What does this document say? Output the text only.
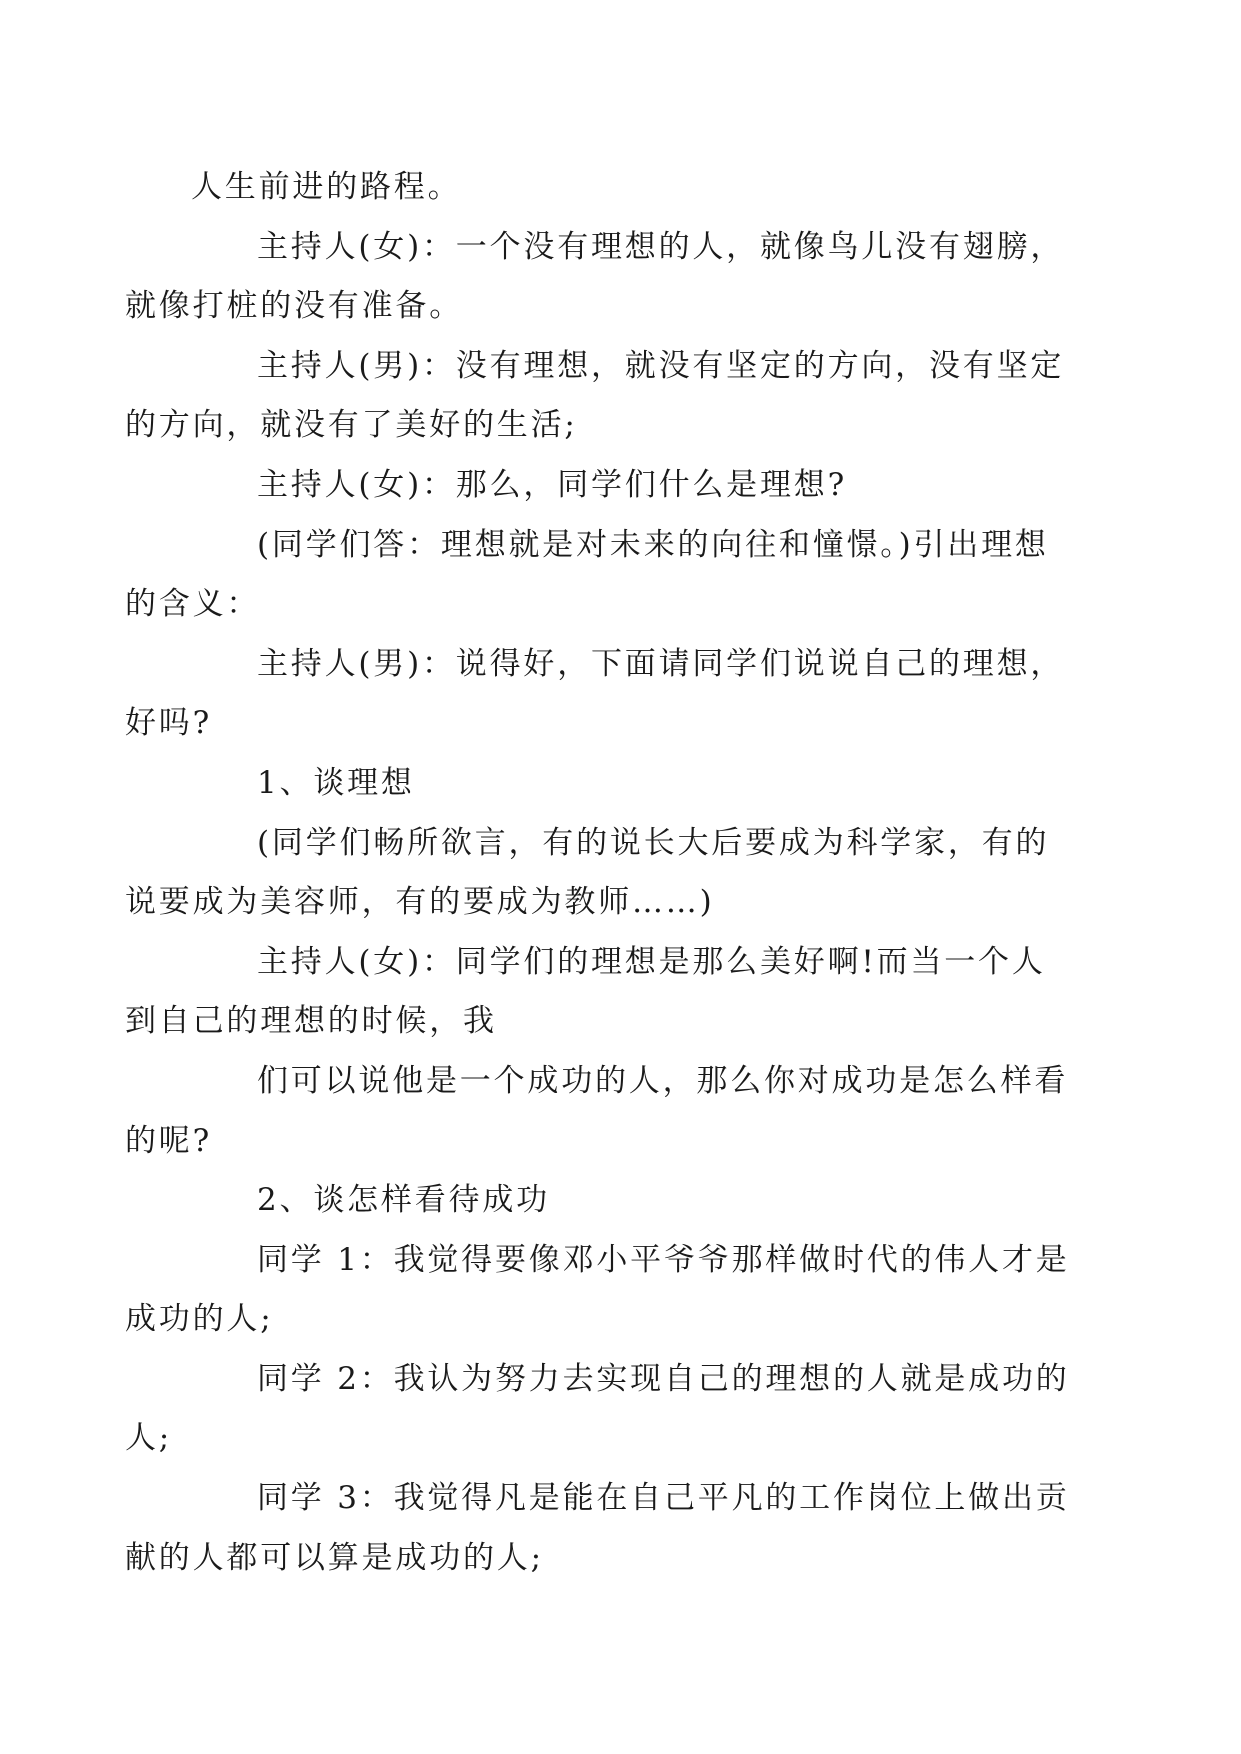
人生前进的路程。

主持人(女)：一个没有理想的人，就像鸟儿没有翅膀，
就像打桩的没有准备。

主持人(男)：没有理想，就没有坚定的方向，没有坚定
的方向，就没有了美好的生活;

主持人(女)：那么，同学们什么是理想?

(同学们答：理想就是对未来的向往和憧憬。)引出理想
的含义：

主持人(男)：说得好，下面请同学们说说自己的理想，
好吗?

1、谈理想

(同学们畅所欲言，有的说长大后要成为科学家，有的
说要成为美容师，有的要成为教师……)

主持人(女)：同学们的理想是那么美好啊!而当一个人
到自己的理想的时候，我

们可以说他是一个成功的人，那么你对成功是怎么样看
的呢?

2、谈怎样看待成功

同学 1：我觉得要像邓小平爷爷那样做时代的伟人才是
成功的人;

同学 2：我认为努力去实现自己的理想的人就是成功的
人;

同学 3：我觉得凡是能在自己平凡的工作岗位上做出贡
献的人都可以算是成功的人;
